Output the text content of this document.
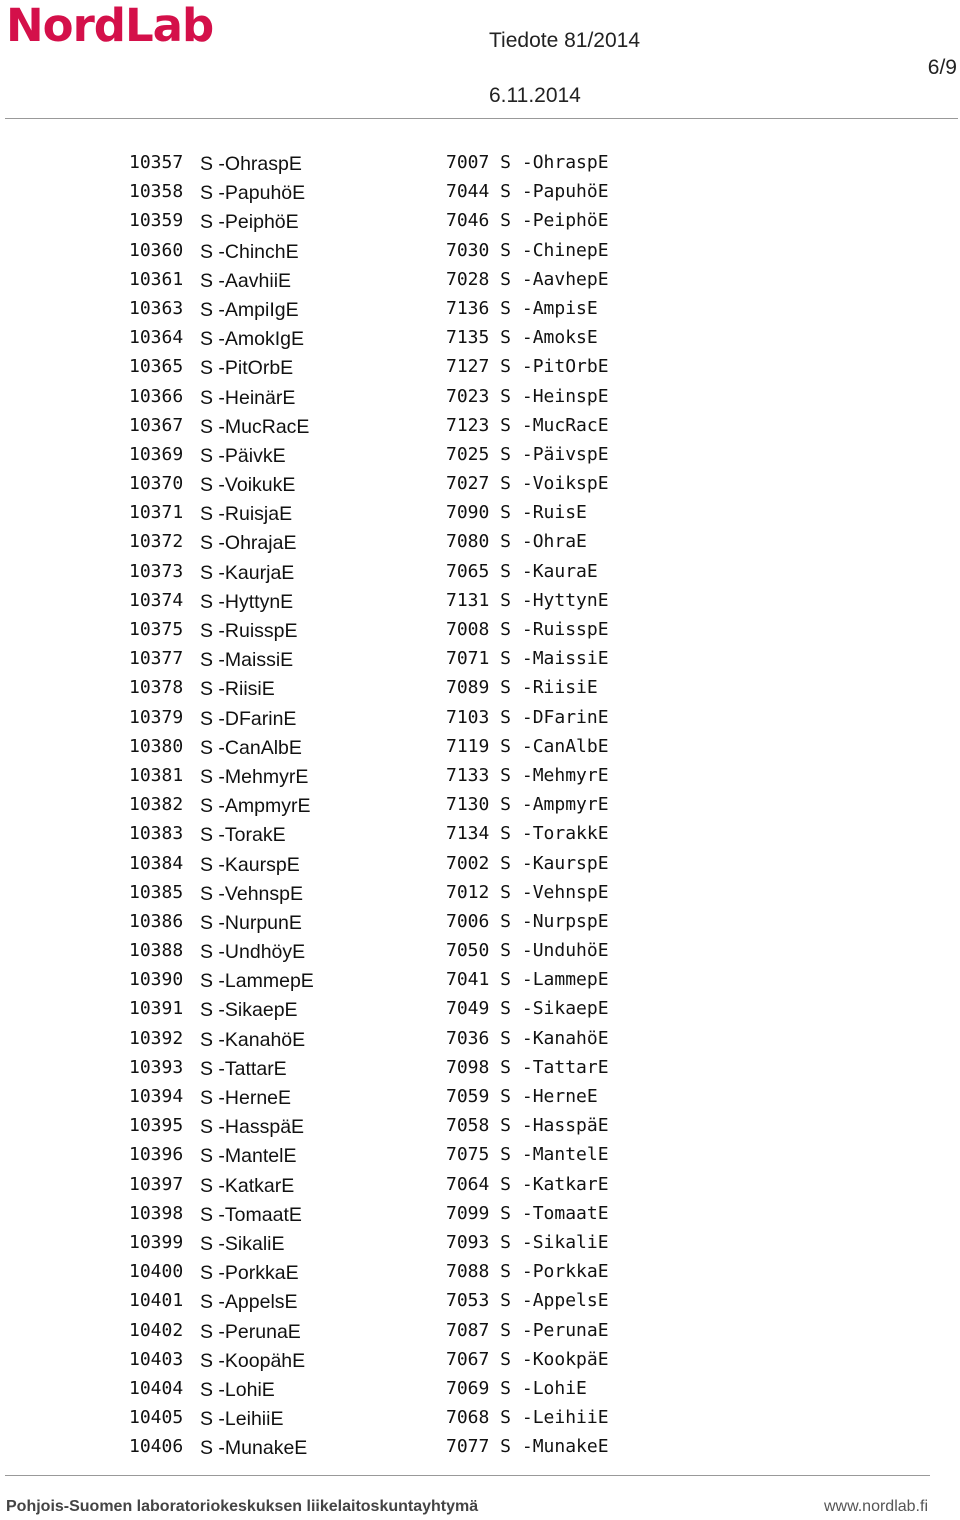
NordLab	Tiedote 81/2014
6.11.2014
6/9
10357 S -OhraspE	7007 S -OhraspE
10358 S -PapuhöE	7044 S -PapuhöE
10359 S -PeiphöE	7046 S -PeiphöE
10360 S -ChinchE	7030 S -ChinepE
10361 S -AavhiiE	7028 S -AavhepE
10363 S -AmpiIgE	7136 S -AmpisE
10364 S -AmokIgE	7135 S -AmoksE
10365 S -PitOrbE	7127 S -PitOrbE
10366 S -HeinärE	7023 S -HeinspE
10367 S -MucRacE	7123 S -MucRacE
10369 S -PäivkE	7025 S -PäivspE
10370 S -VoikukE	7027 S -VoikspE
10371 S -RuisjaE	7090 S -RuisE
10372 S -OhrajaE	7080 S -OhraE
10373 S -KaurjaE	7065 S -KauraE
10374 S -HyttynE	7131 S -HyttynE
10375 S -RuisspE	7008 S -RuisspE
10377 S -MaissiE	7071 S -MaissiE
10378 S -RiisiE	7089 S -RiisiE
10379 S -DFarinE	7103 S -DFarinE
10380 S -CanAlbE	7119 S -CanAlbE
10381 S -MehmyrE	7133 S -MehmyrE
10382 S -AmpmyrE	7130 S -AmpmyrE
10383 S -TorakE	7134 S -TorakkE
10384 S -KaurspE	7002 S -KaurspE
10385 S -VehnspE	7012 S -VehnspE
10386 S -NurpunE	7006 S -NurpspE
10388 S -UndhöyE	7050 S -UnduhöE
10390 S -LammepE	7041 S -LammepE
10391 S -SikaepE	7049 S -SikaepE
10392 S -KanahöE	7036 S -KanahöE
10393 S -TattarE	7098 S -TattarE
10394 S -HerneE	7059 S -HerneE
10395 S -HasspäE	7058 S -HasspäE
10396 S -MantelE	7075 S -MantelE
10397 S -KatkarE	7064 S -KatkarE
10398 S -TomaatE	7099 S -TomaatE
10399 S -SikaliE	7093 S -SikaliE
10400 S -PorkkaE	7088 S -PorkkaE
10401 S -AppelsE	7053 S -AppelsE
10402 S -PerunaE	7087 S -PerunaE
10403 S -KoopähE	7067 S -KookpäE
10404 S -LohiE	7069 S -LohiE
10405 S -LeihiiE	7068 S -LeihiiE
10406 S -MunakeE	7077 S -MunakeE
Pohjois-Suomen laboratoriokeskuksen liikelaitoskuntayhtymä	www.nordlab.fi
